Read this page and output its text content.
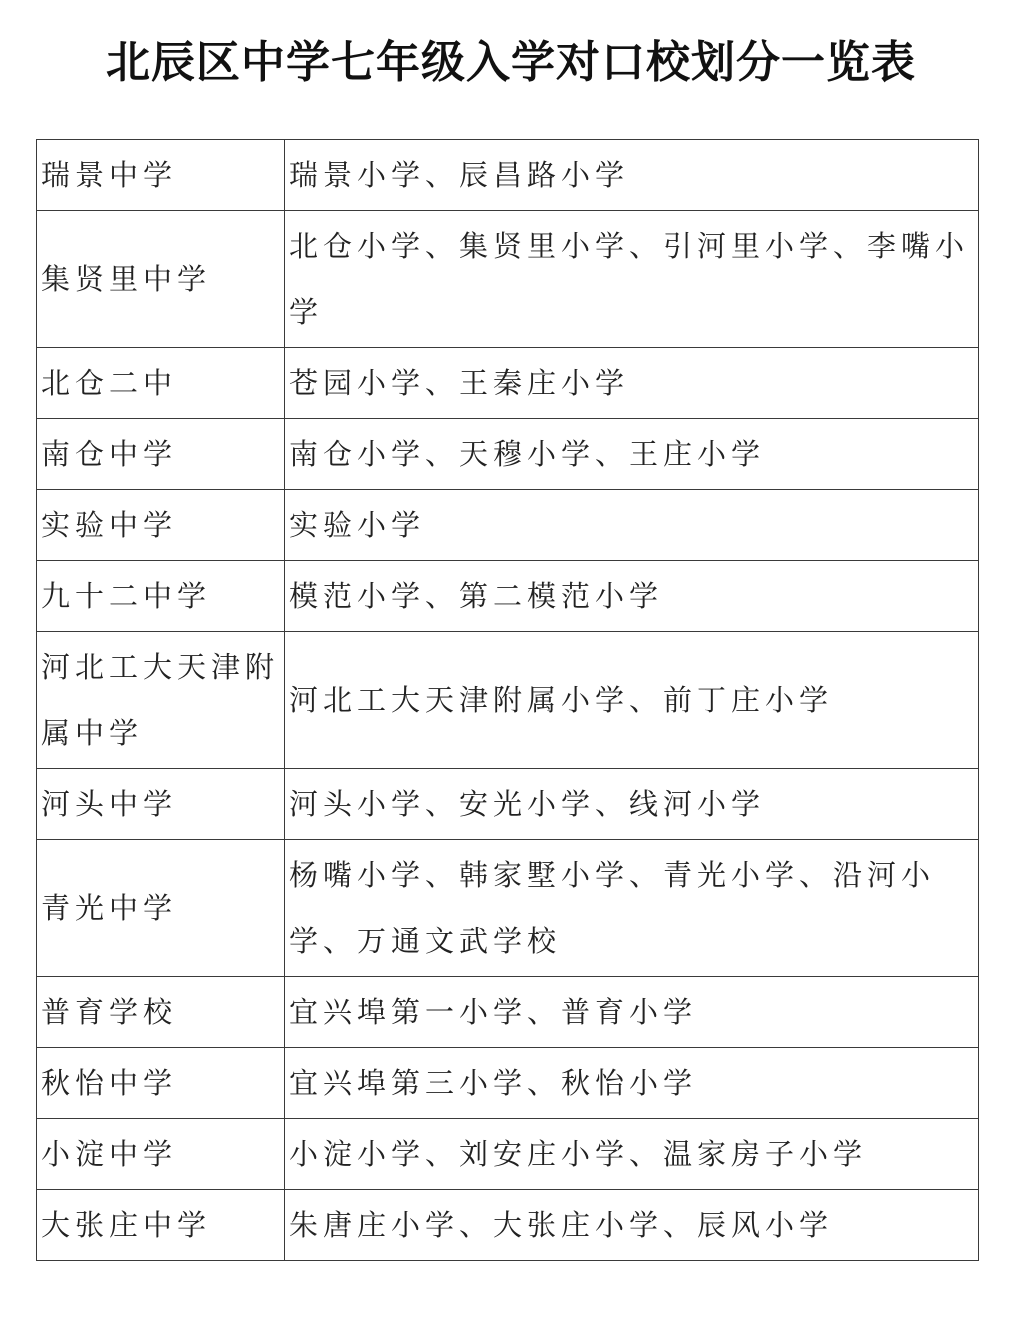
北辰区中学七年级入学对口校划分一览表
瑞景中学	瑞景小学、辰昌路小学
集贤里中学	北仓小学、集贤里小学、引河里小学、李嘴小学
北仓二中	苍园小学、王秦庄小学
南仓中学	南仓小学、天穆小学、王庄小学
实验中学	实验小学
九十二中学	模范小学、第二模范小学
河北工大天津附属中学	河北工大天津附属小学、前丁庄小学
河头中学	河头小学、安光小学、线河小学
青光中学	杨嘴小学、韩家墅小学、青光小学、沿河小学、万通文武学校
普育学校	宜兴埠第一小学、普育小学
秋怡中学	宜兴埠第三小学、秋怡小学
小淀中学	小淀小学、刘安庄小学、温家房子小学
大张庄中学	朱唐庄小学、大张庄小学、辰风小学
